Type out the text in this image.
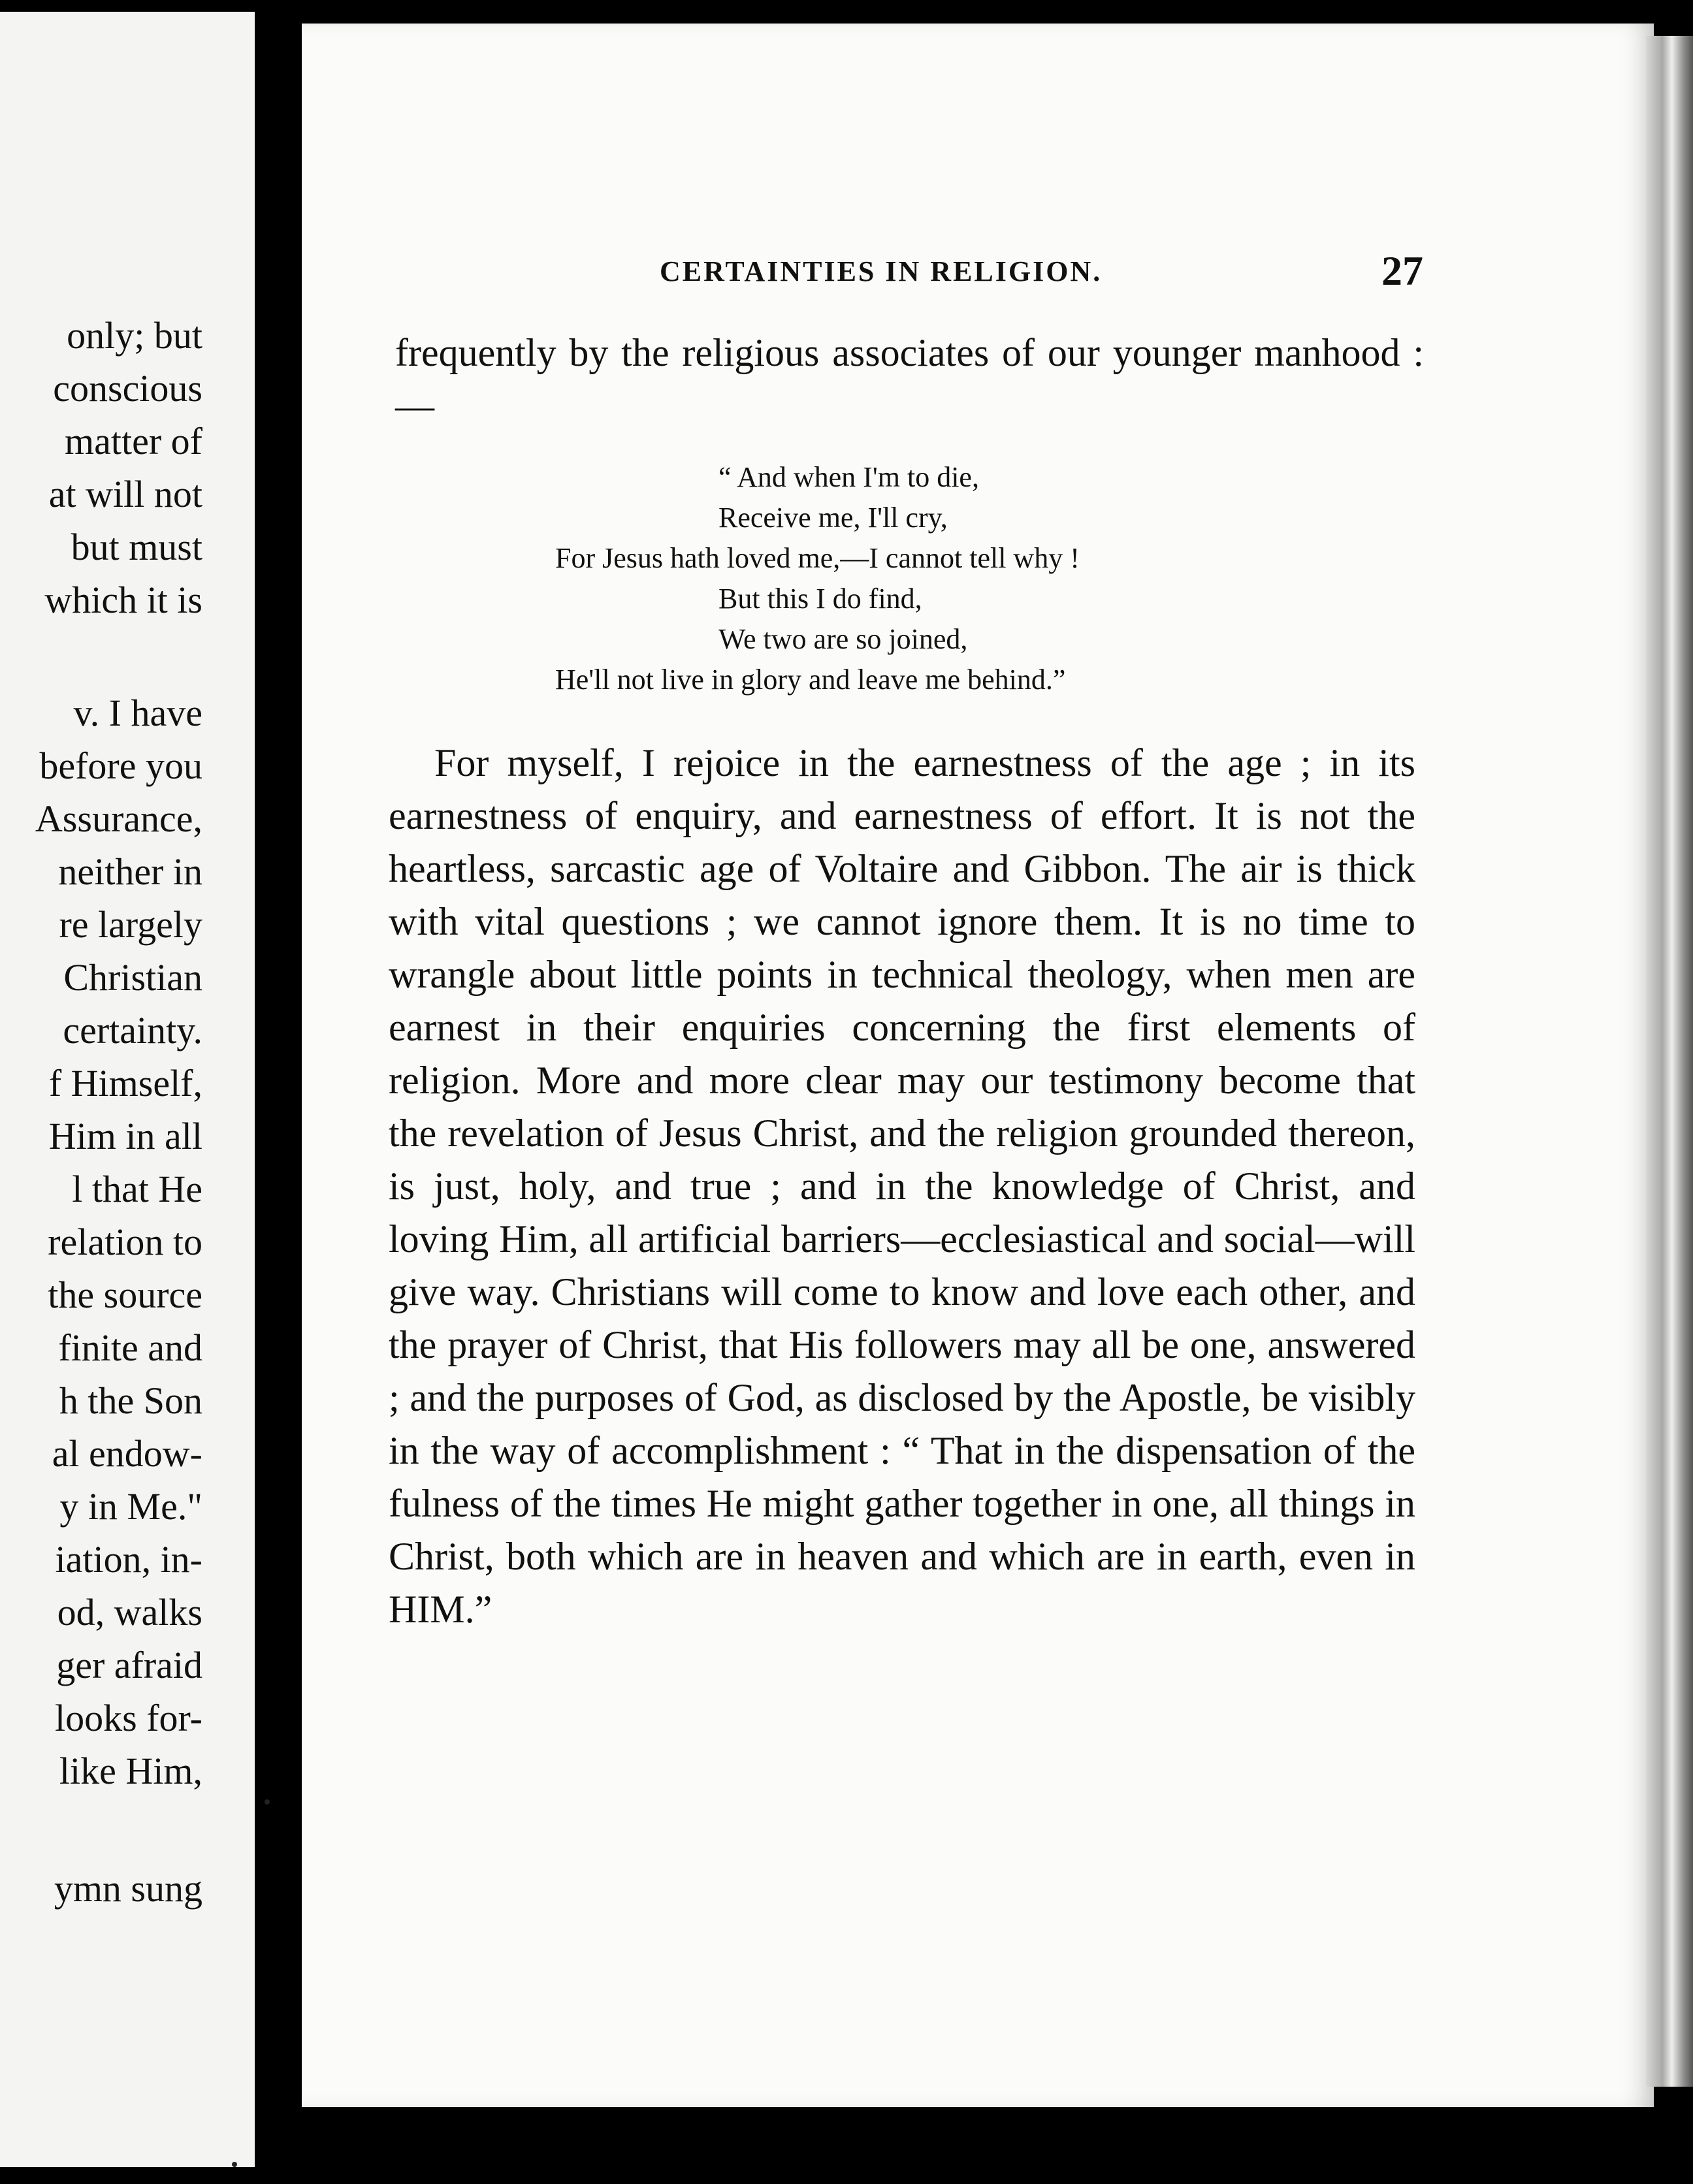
only; but
conscious
matter of
at will not
but must
which it is
v. I have
before you
Assurance,
neither in
re largely
Christian
certainty.
f Himself,
Him in all
l that He
relation to
the source
finite and
h the Son
al endow-
y in Me."
iation, in-
od, walks
ger afraid
looks for-
like Him,
ymn sung
CERTAINTIES IN RELIGION.	27
frequently by the religious associates of our younger manhood :—
“ And when I'm to die,
Receive me, I'll cry,
For Jesus hath loved me,—I cannot tell why !
But this I do find,
We two are so joined,
He'll not live in glory and leave me behind.”
For myself, I rejoice in the earnestness of the age ; in its earnestness of enquiry, and earnestness of effort. It is not the heartless, sarcastic age of Voltaire and Gibbon. The air is thick with vital questions ; we cannot ignore them. It is no time to wrangle about little points in technical theology, when men are earnest in their enquiries concerning the first elements of religion. More and more clear may our testimony become that the revelation of Jesus Christ, and the religion grounded thereon, is just, holy, and true ; and in the knowledge of Christ, and loving Him, all artificial barriers—ecclesiastical and social—will give way. Christians will come to know and love each other, and the prayer of Christ, that His followers may all be one, answered ; and the purposes of God, as disclosed by the Apostle, be visibly in the way of accomplishment : “ That in the dispensation of the fulness of the times He might gather together in one, all things in Christ, both which are in heaven and which are in earth, even in HIM.”
